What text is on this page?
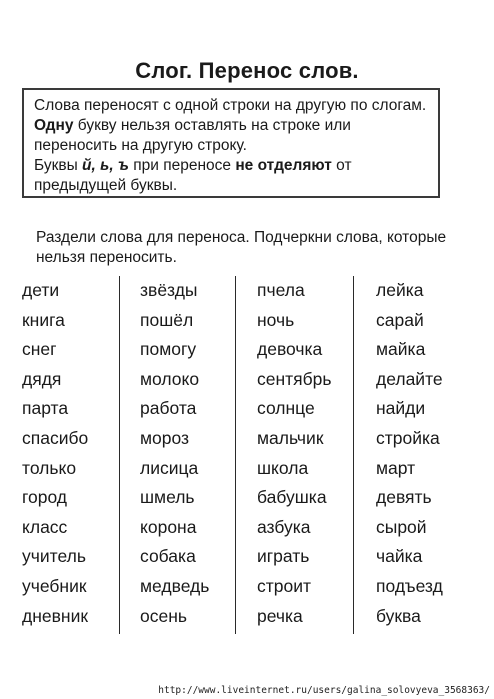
Слог. Перенос слов.
Слова переносят с одной строки на другую по слогам. Одну букву нельзя оставлять на строке или переносить на другую строку.
Буквы й, ь, ъ при переносе не отделяют от предыдущей буквы.
Раздели слова для переноса. Подчеркни слова, которые нельзя переносить.
дети
книга
снег
дядя
парта
спасибо
только
город
класс
учитель
учебник
дневник
звёзды
пошёл
помогу
молоко
работа
мороз
лисица
шмель
корона
собака
медведь
осень
пчела
ночь
девочка
сентябрь
солнце
мальчик
школа
бабушка
азбука
играть
строит
речка
лейка
сарай
майка
делайте
найди
стройка
март
девять
сырой
чайка
подъезд
буква
http://www.liveinternet.ru/users/galina_solovyeva_3568363/
